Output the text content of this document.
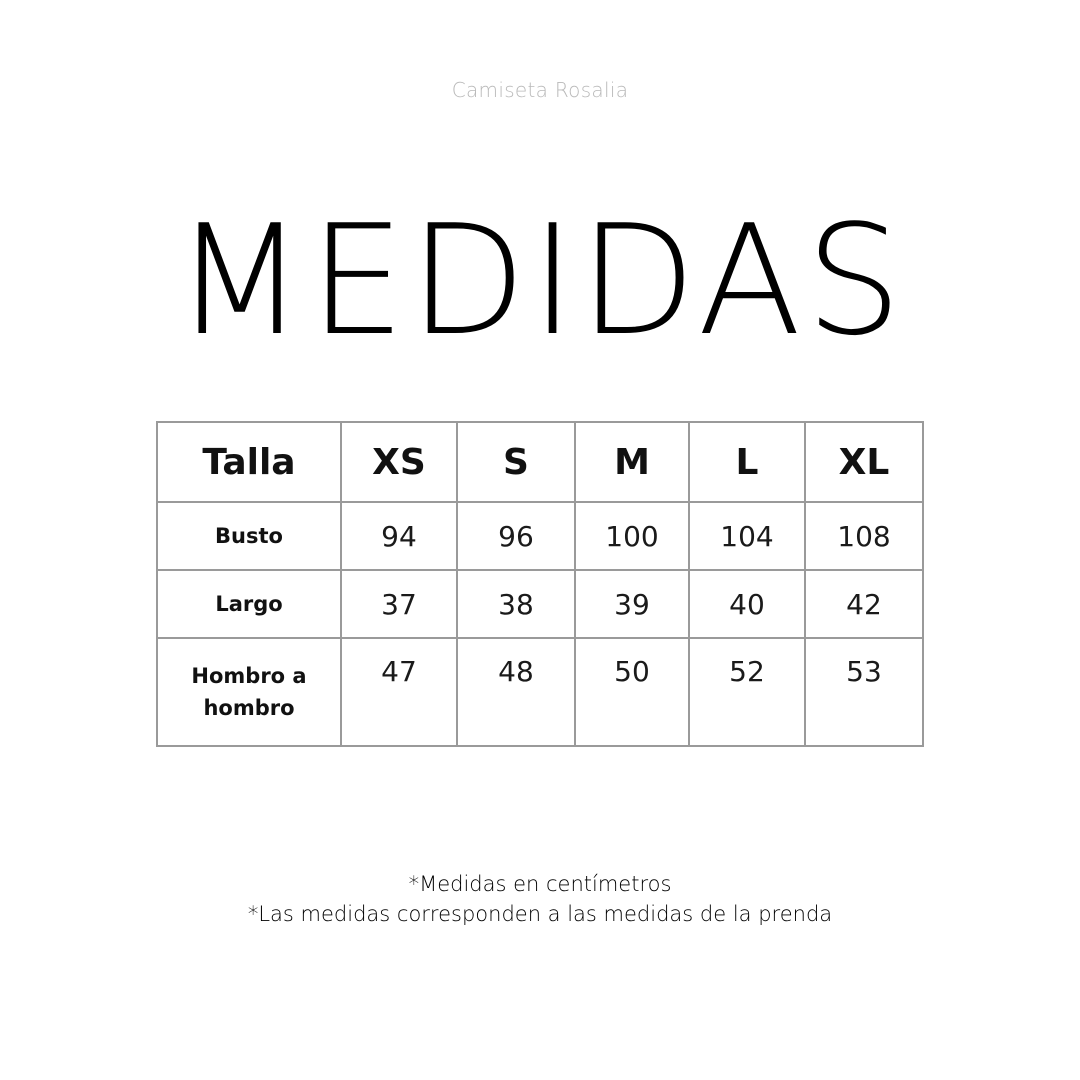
Camiseta Rosalia
MEDIDAS
Talla	XS	S	M	L	XL
Busto	94	96	100	104	108
Largo	37	38	39	40	42

Hombro a
hombro	47	48	50	52	53
*Medidas en centímetros
*Las medidas corresponden a las medidas de la prenda
